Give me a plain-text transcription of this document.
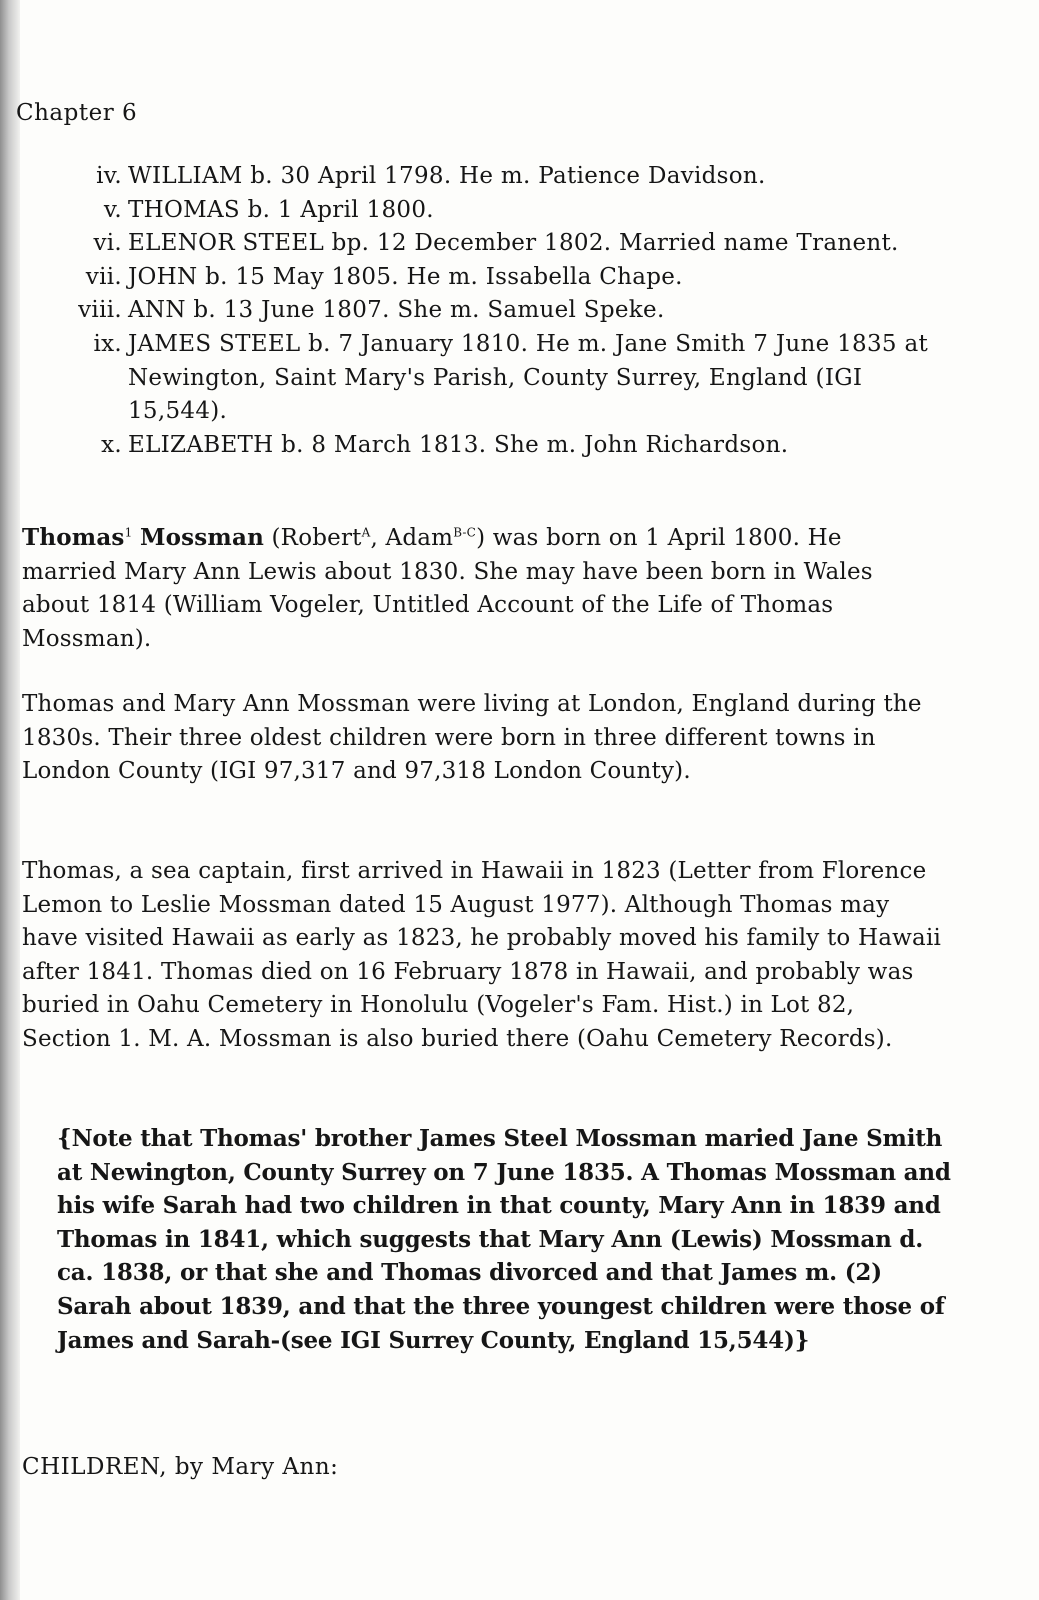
Chapter 6
iv. WILLIAM b. 30 April 1798. He m. Patience Davidson.
v. THOMAS b. 1 April 1800.
vi. ELENOR STEEL bp. 12 December 1802. Married name Tranent.
vii. JOHN b. 15 May 1805. He m. Issabella Chape.
viii. ANN b. 13 June 1807. She m. Samuel Speke.
ix. JAMES STEEL b. 7 January 1810. He m. Jane Smith 7 June 1835 at Newington, Saint Mary's Parish, County Surrey, England (IGI 15,544).
x. ELIZABETH b. 8 March 1813. She m. John Richardson.
Thomas$^1$ Mossman (Robert$^A$, Adam$^{B-C}$) was born on 1 April 1800. He married Mary Ann Lewis about 1830. She may have been born in Wales about 1814 (William Vogeler, Untitled Account of the Life of Thomas Mossman).
Thomas and Mary Ann Mossman were living at London, England during the 1830s. Their three oldest children were born in three different towns in London County (IGI 97,317 and 97,318 London County).
Thomas, a sea captain, first arrived in Hawaii in 1823 (Letter from Florence Lemon to Leslie Mossman dated 15 August 1977). Although Thomas may have visited Hawaii as early as 1823, he probably moved his family to Hawaii after 1841. Thomas died on 16 February 1878 in Hawaii, and probably was buried in Oahu Cemetery in Honolulu (Vogeler's Fam. Hist.) in Lot 82, Section 1. M. A. Mossman is also buried there (Oahu Cemetery Records).
{Note that Thomas' brother James Steel Mossman maried Jane Smith at Newington, County Surrey on 7 June 1835. A Thomas Mossman and his wife Sarah had two children in that county, Mary Ann in 1839 and Thomas in 1841, which suggests that Mary Ann (Lewis) Mossman d. ca. 1838, or that she and Thomas divorced and that James m. (2) Sarah about 1839, and that the three youngest children were those of James and Sarah-(see IGI Surrey County, England 15,544)}
CHILDREN, by Mary Ann:
